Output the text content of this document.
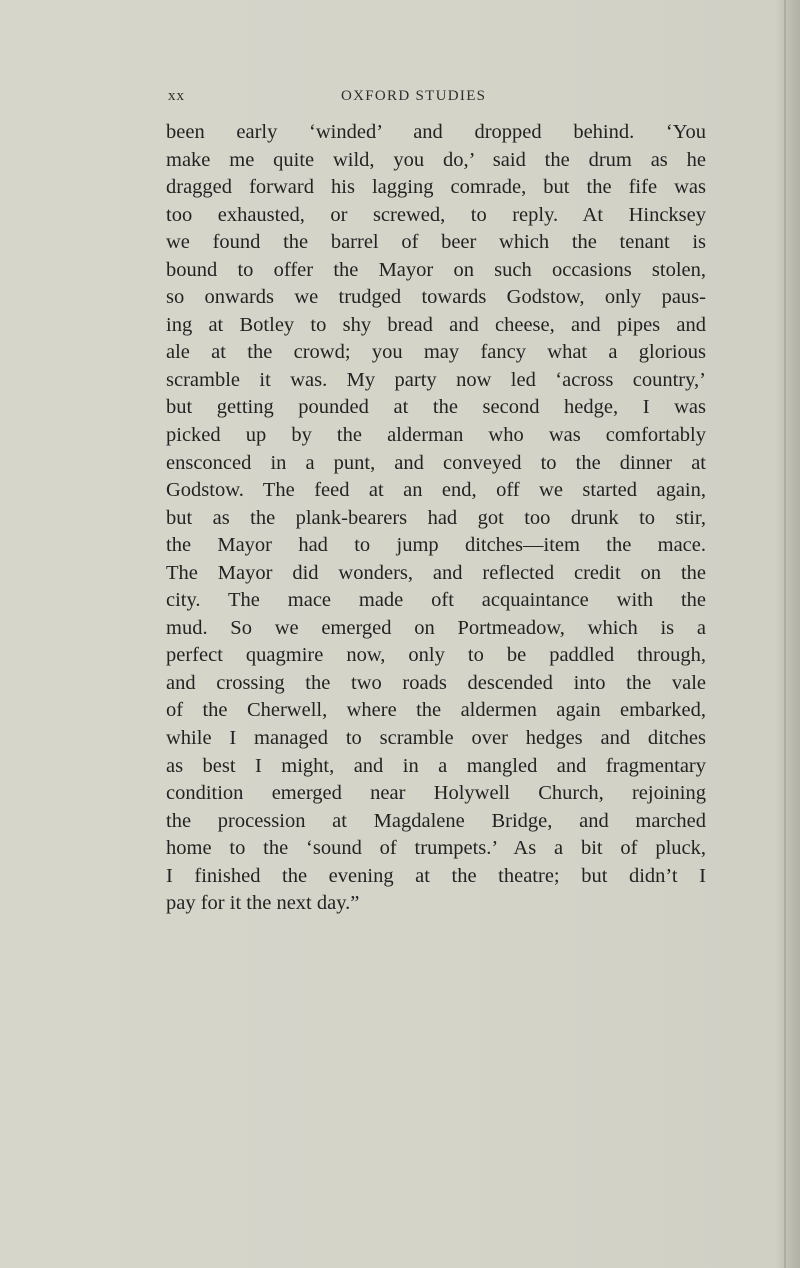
xx	OXFORD STUDIES
been early ‘winded’ and dropped behind. ‘You
make me quite wild, you do,’ said the drum as he
dragged forward his lagging comrade, but the fife was
too exhausted, or screwed, to reply. At Hincksey
we found the barrel of beer which the tenant is
bound to offer the Mayor on such occasions stolen,
so onwards we trudged towards Godstow, only paus-
ing at Botley to shy bread and cheese, and pipes and
ale at the crowd; you may fancy what a glorious
scramble it was. My party now led ‘across country,’
but getting pounded at the second hedge, I was
picked up by the alderman who was comfortably
ensconced in a punt, and conveyed to the dinner at
Godstow. The feed at an end, off we started again,
but as the plank-bearers had got too drunk to stir,
the Mayor had to jump ditches—item the mace.
The Mayor did wonders, and reflected credit on the
city. The mace made oft acquaintance with the
mud. So we emerged on Portmeadow, which is a
perfect quagmire now, only to be paddled through,
and crossing the two roads descended into the vale
of the Cherwell, where the aldermen again embarked,
while I managed to scramble over hedges and ditches
as best I might, and in a mangled and fragmentary
condition emerged near Holywell Church, rejoining
the procession at Magdalene Bridge, and marched
home to the ‘sound of trumpets.’ As a bit of pluck,
I finished the evening at the theatre; but didn’t I
pay for it the next day.”
